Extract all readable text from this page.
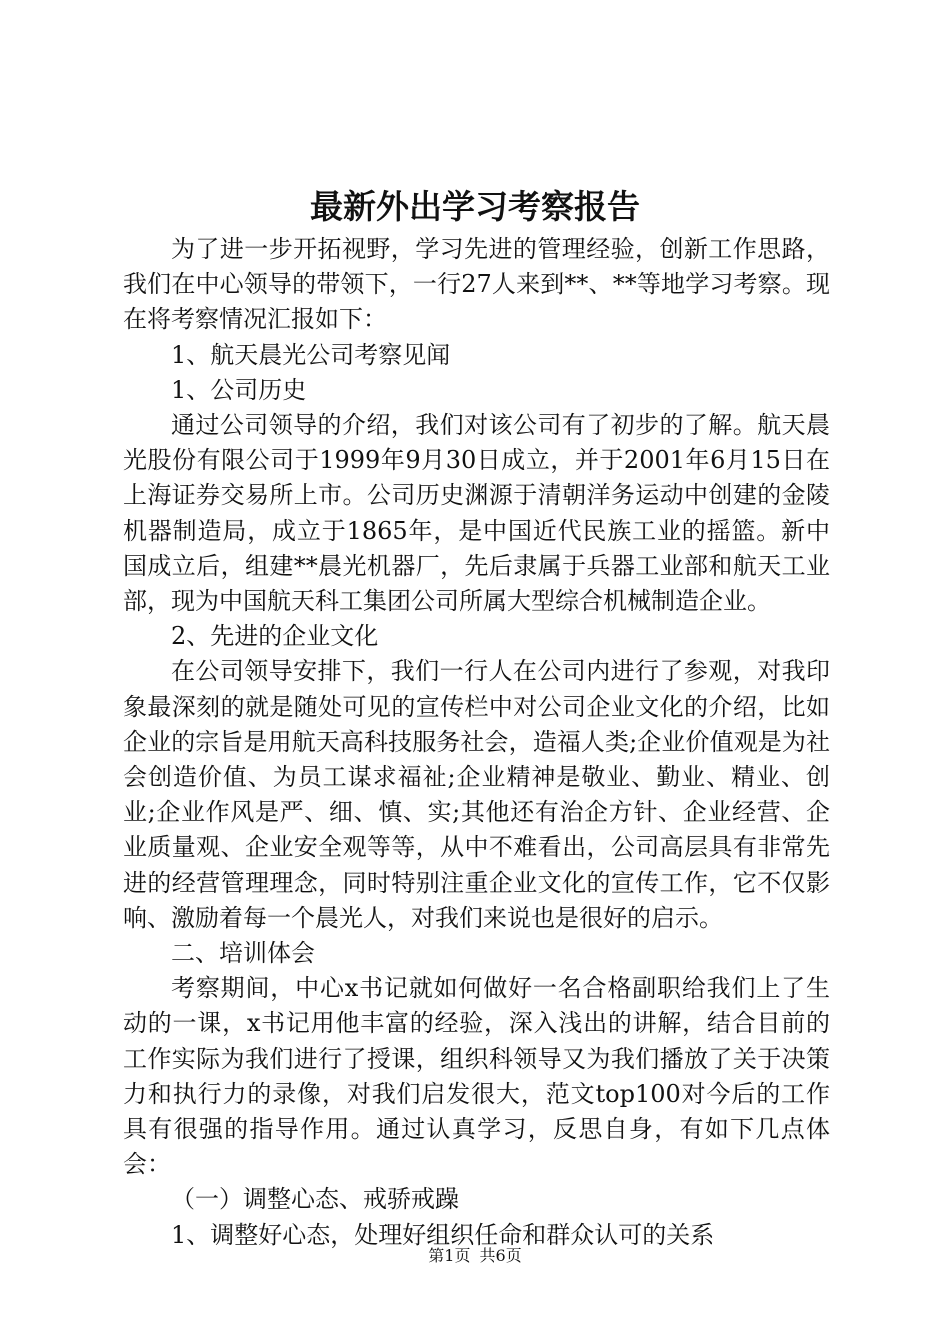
最新外出学习考察报告

为了进一步开拓视野，学习先进的管理经验，创新工作思路，我们在中心领导的带领下，一行27人来到**、**等地学习考察。现在将考察情况汇报如下：

1、航天晨光公司考察见闻

1、公司历史

通过公司领导的介绍，我们对该公司有了初步的了解。航天晨光股份有限公司于1999年9月30日成立，并于2001年6月15日在上海证券交易所上市。公司历史渊源于清朝洋务运动中创建的金陵机器制造局，成立于1865年，是中国近代民族工业的摇篮。新中国成立后，组建**晨光机器厂，先后隶属于兵器工业部和航天工业部，现为中国航天科工集团公司所属大型综合机械制造企业。

2、先进的企业文化

在公司领导安排下，我们一行人在公司内进行了参观，对我印象最深刻的就是随处可见的宣传栏中对公司企业文化的介绍，比如企业的宗旨是用航天高科技服务社会，造福人类;企业价值观是为社会创造价值、为员工谋求福祉;企业精神是敬业、勤业、精业、创业;企业作风是严、细、慎、实;其他还有治企方针、企业经营、企业质量观、企业安全观等等，从中不难看出，公司高层具有非常先进的经营管理理念，同时特别注重企业文化的宣传工作，它不仅影响、激励着每一个晨光人，对我们来说也是很好的启示。

二、培训体会

考察期间，中心x书记就如何做好一名合格副职给我们上了生动的一课，x书记用他丰富的经验，深入浅出的讲解，结合目前的工作实际为我们进行了授课，组织科领导又为我们播放了关于决策力和执行力的录像，对我们启发很大，范文top100对今后的工作具有很强的指导作用。通过认真学习，反思自身，有如下几点体会：

（一）调整心态、戒骄戒躁

1、调整好心态，处理好组织任命和群众认可的关系

第1页 共6页
